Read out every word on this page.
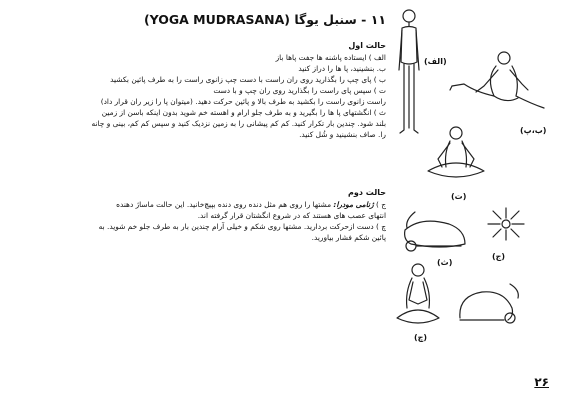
۱۱ - سنبل یوگا (YOGA MUDRASANA)

حالت اول

الف ) ایستاده پاشنه ها جفت پاها باز

ب. بنشینید، پا ها را دراز کنید

ب ) پای چپ را بگذارید روی ران راست با دست چپ زانوی راست را به طرف پائین بکشید

ت ) سپس پای راست را بگذارید روی ران چپ و با دست

راست زانوی راست را بکشید به طرف بالا و پائین حرکت دهید. (میتوان پا را زیر ران قرار داد)

ث ) انگشتهای پا ها را بگیرید و به طرف جلو ارام و اهسته خم شوید بدون اینکه باسن از زمین

بلند شود. چندین بار تکرار کنید. کم کم پیشانی را به زمین نزدیک کنید و سپس کم کم، بینی و چانه

را. صاف بنشینید و شُل کنید.

حالت دوم

ج ) ژنامی مودرا: مشتها را روی هم مثل دنده روی دنده بپیچ‌خانید. این حالت ماساژ دهنده

انتهای عصب های هستند که در شروع انگشتان قرار گرفته اند.

چ ) دست ازحرکت بردارید. مشتها روی شکم و خیلی آرام چندین بار به طرف جلو خم شوید. به

پائین شکم فشار بیاورید.

(الف)
(ب،پ)
(ت)
(ج)
(ث)
(چ)
۲۶
